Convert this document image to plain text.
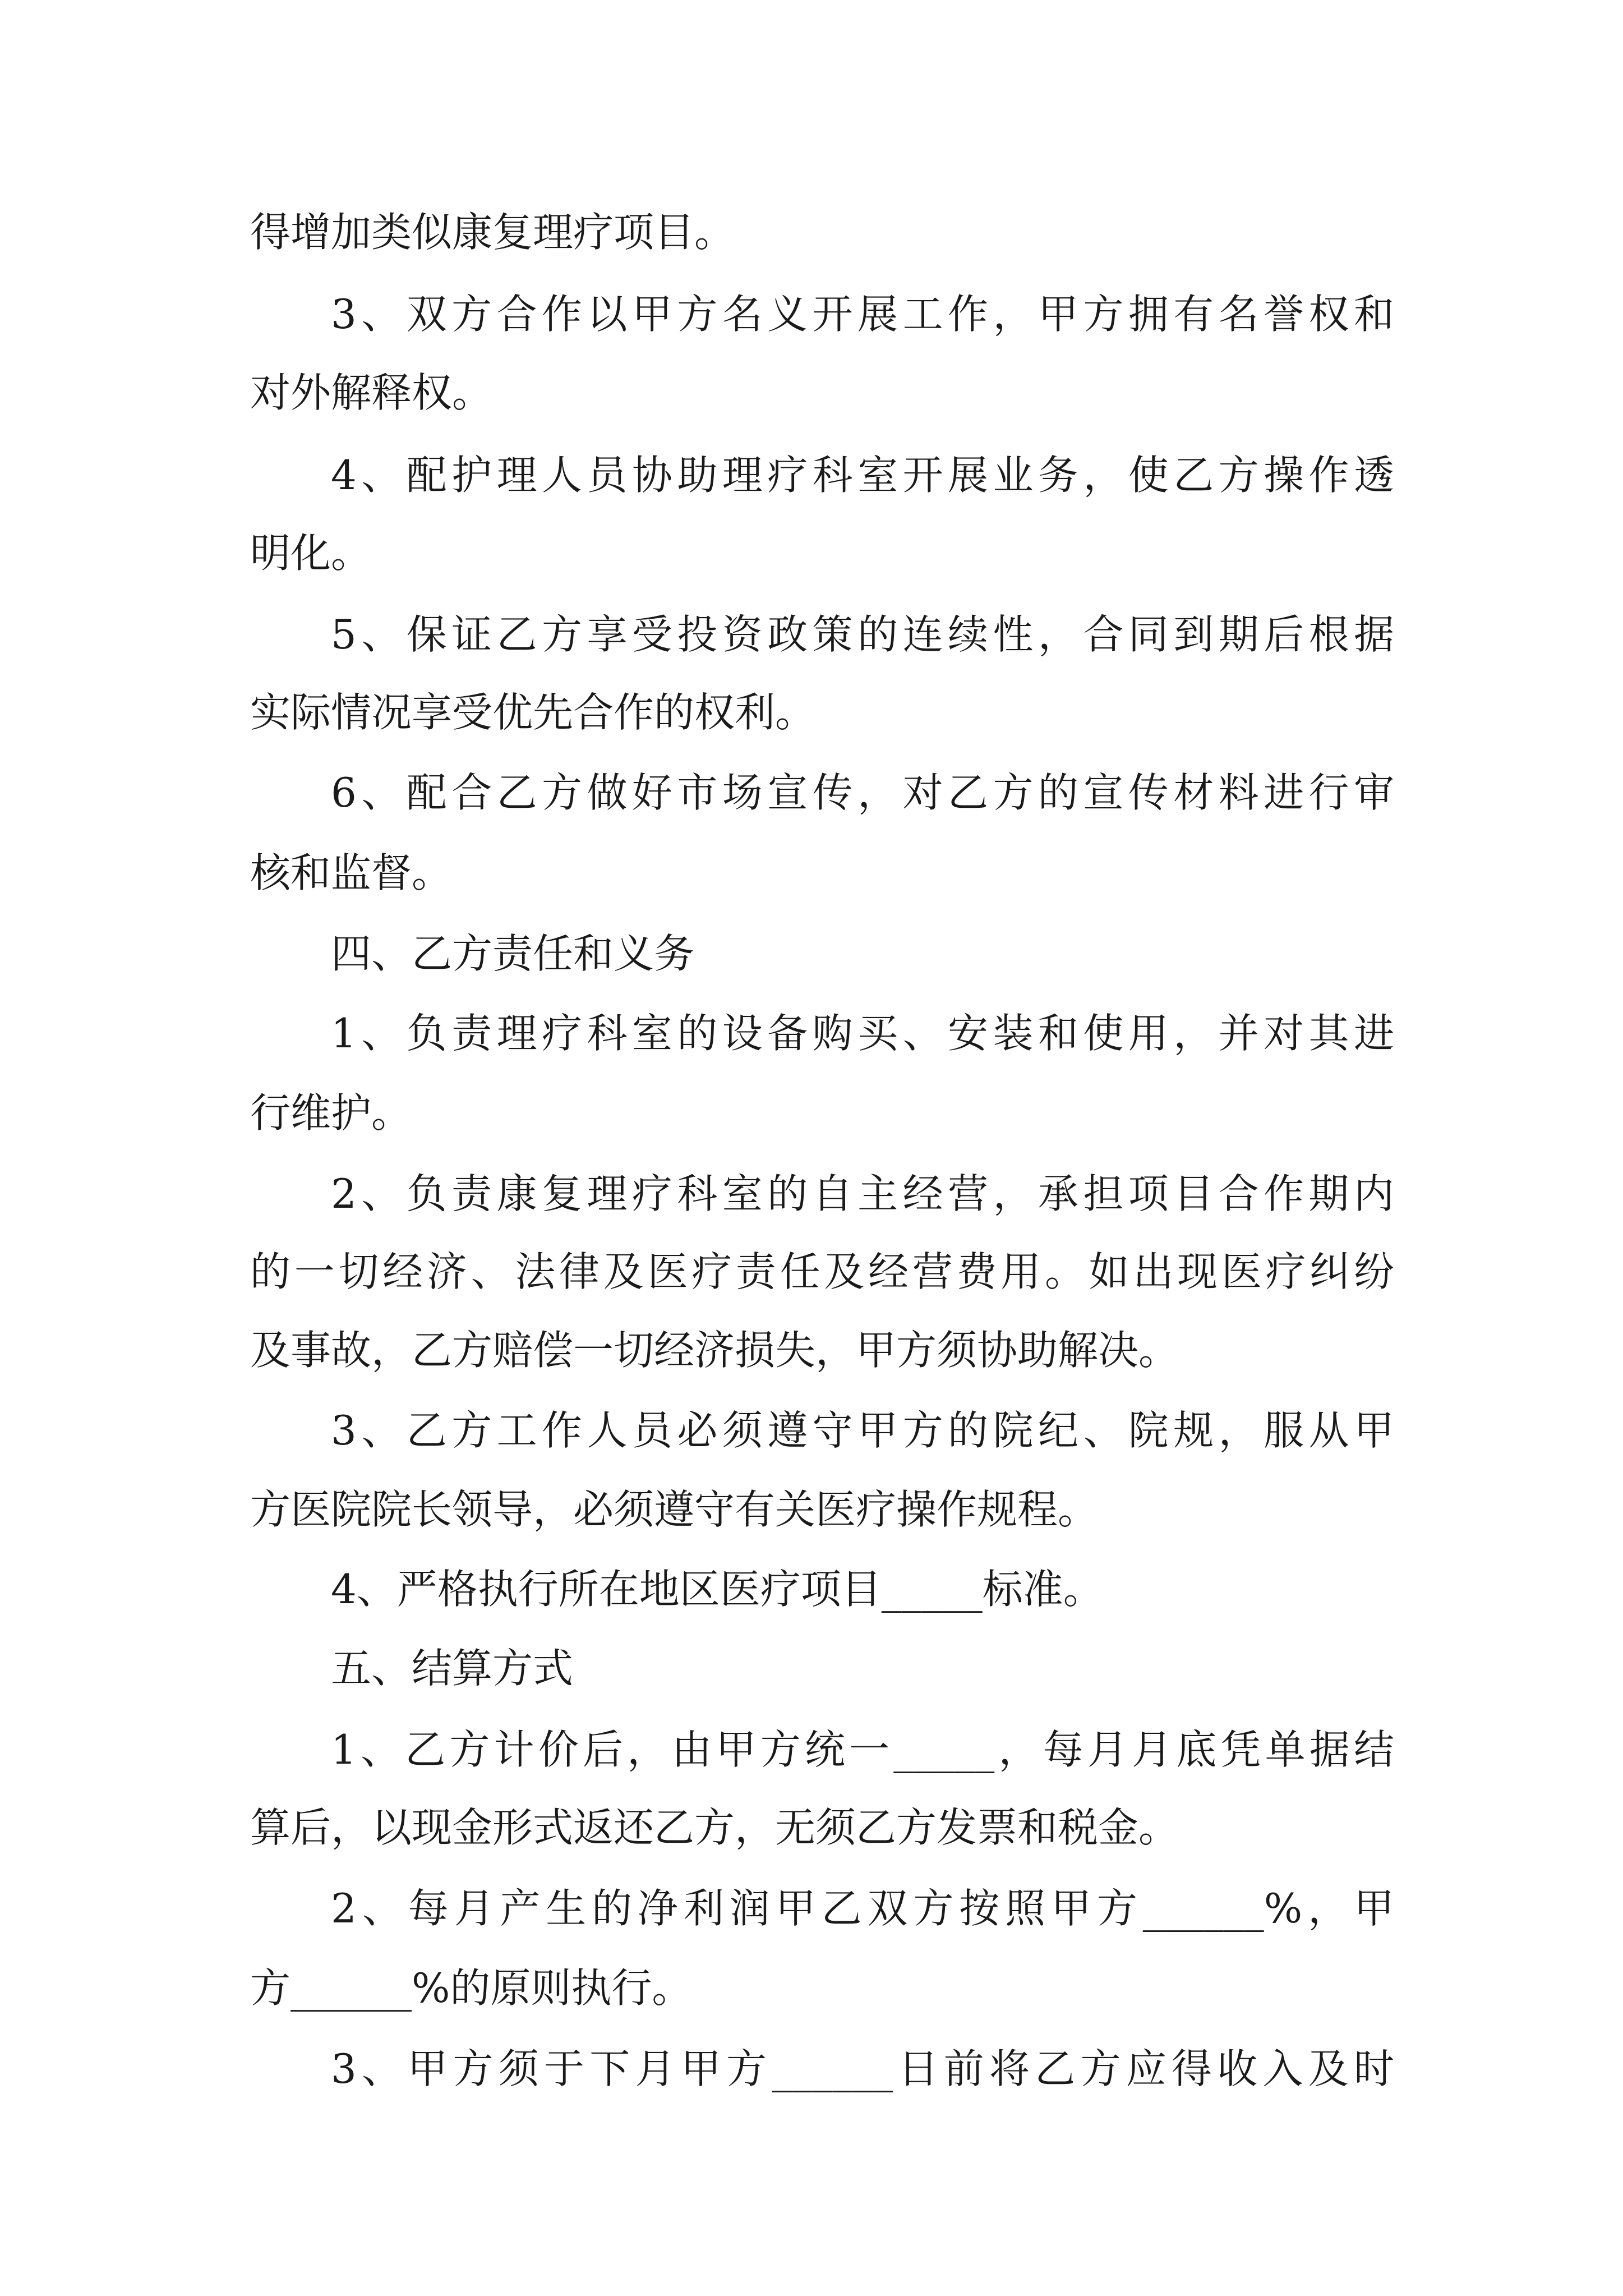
得增加类似康复理疗项目。
3、双方合作以甲方名义开展工作，甲方拥有名誉权和
对外解释权。
4、配护理人员协助理疗科室开展业务，使乙方操作透
明化。
5、保证乙方享受投资政策的连续性，合同到期后根据
实际情况享受优先合作的权利。
6、配合乙方做好市场宣传，对乙方的宣传材料进行审
核和监督。
四、乙方责任和义务
1、负责理疗科室的设备购买、安装和使用，并对其进
行维护。
2、负责康复理疗科室的自主经营，承担项目合作期内
的一切经济、法律及医疗责任及经营费用。如出现医疗纠纷
及事故，乙方赔偿一切经济损失，甲方须协助解决。
3、乙方工作人员必须遵守甲方的院纪、院规，服从甲
方医院院长领导，必须遵守有关医疗操作规程。
4、严格执行所在地区医疗项目_____标准。
五、结算方式
1、乙方计价后，由甲方统一_____，每月月底凭单据结
算后，以现金形式返还乙方，无须乙方发票和税金。
2、每月产生的净利润甲乙双方按照甲方______%，甲
方______%的原则执行。
3、甲方须于下月甲方______日前将乙方应得收入及时
